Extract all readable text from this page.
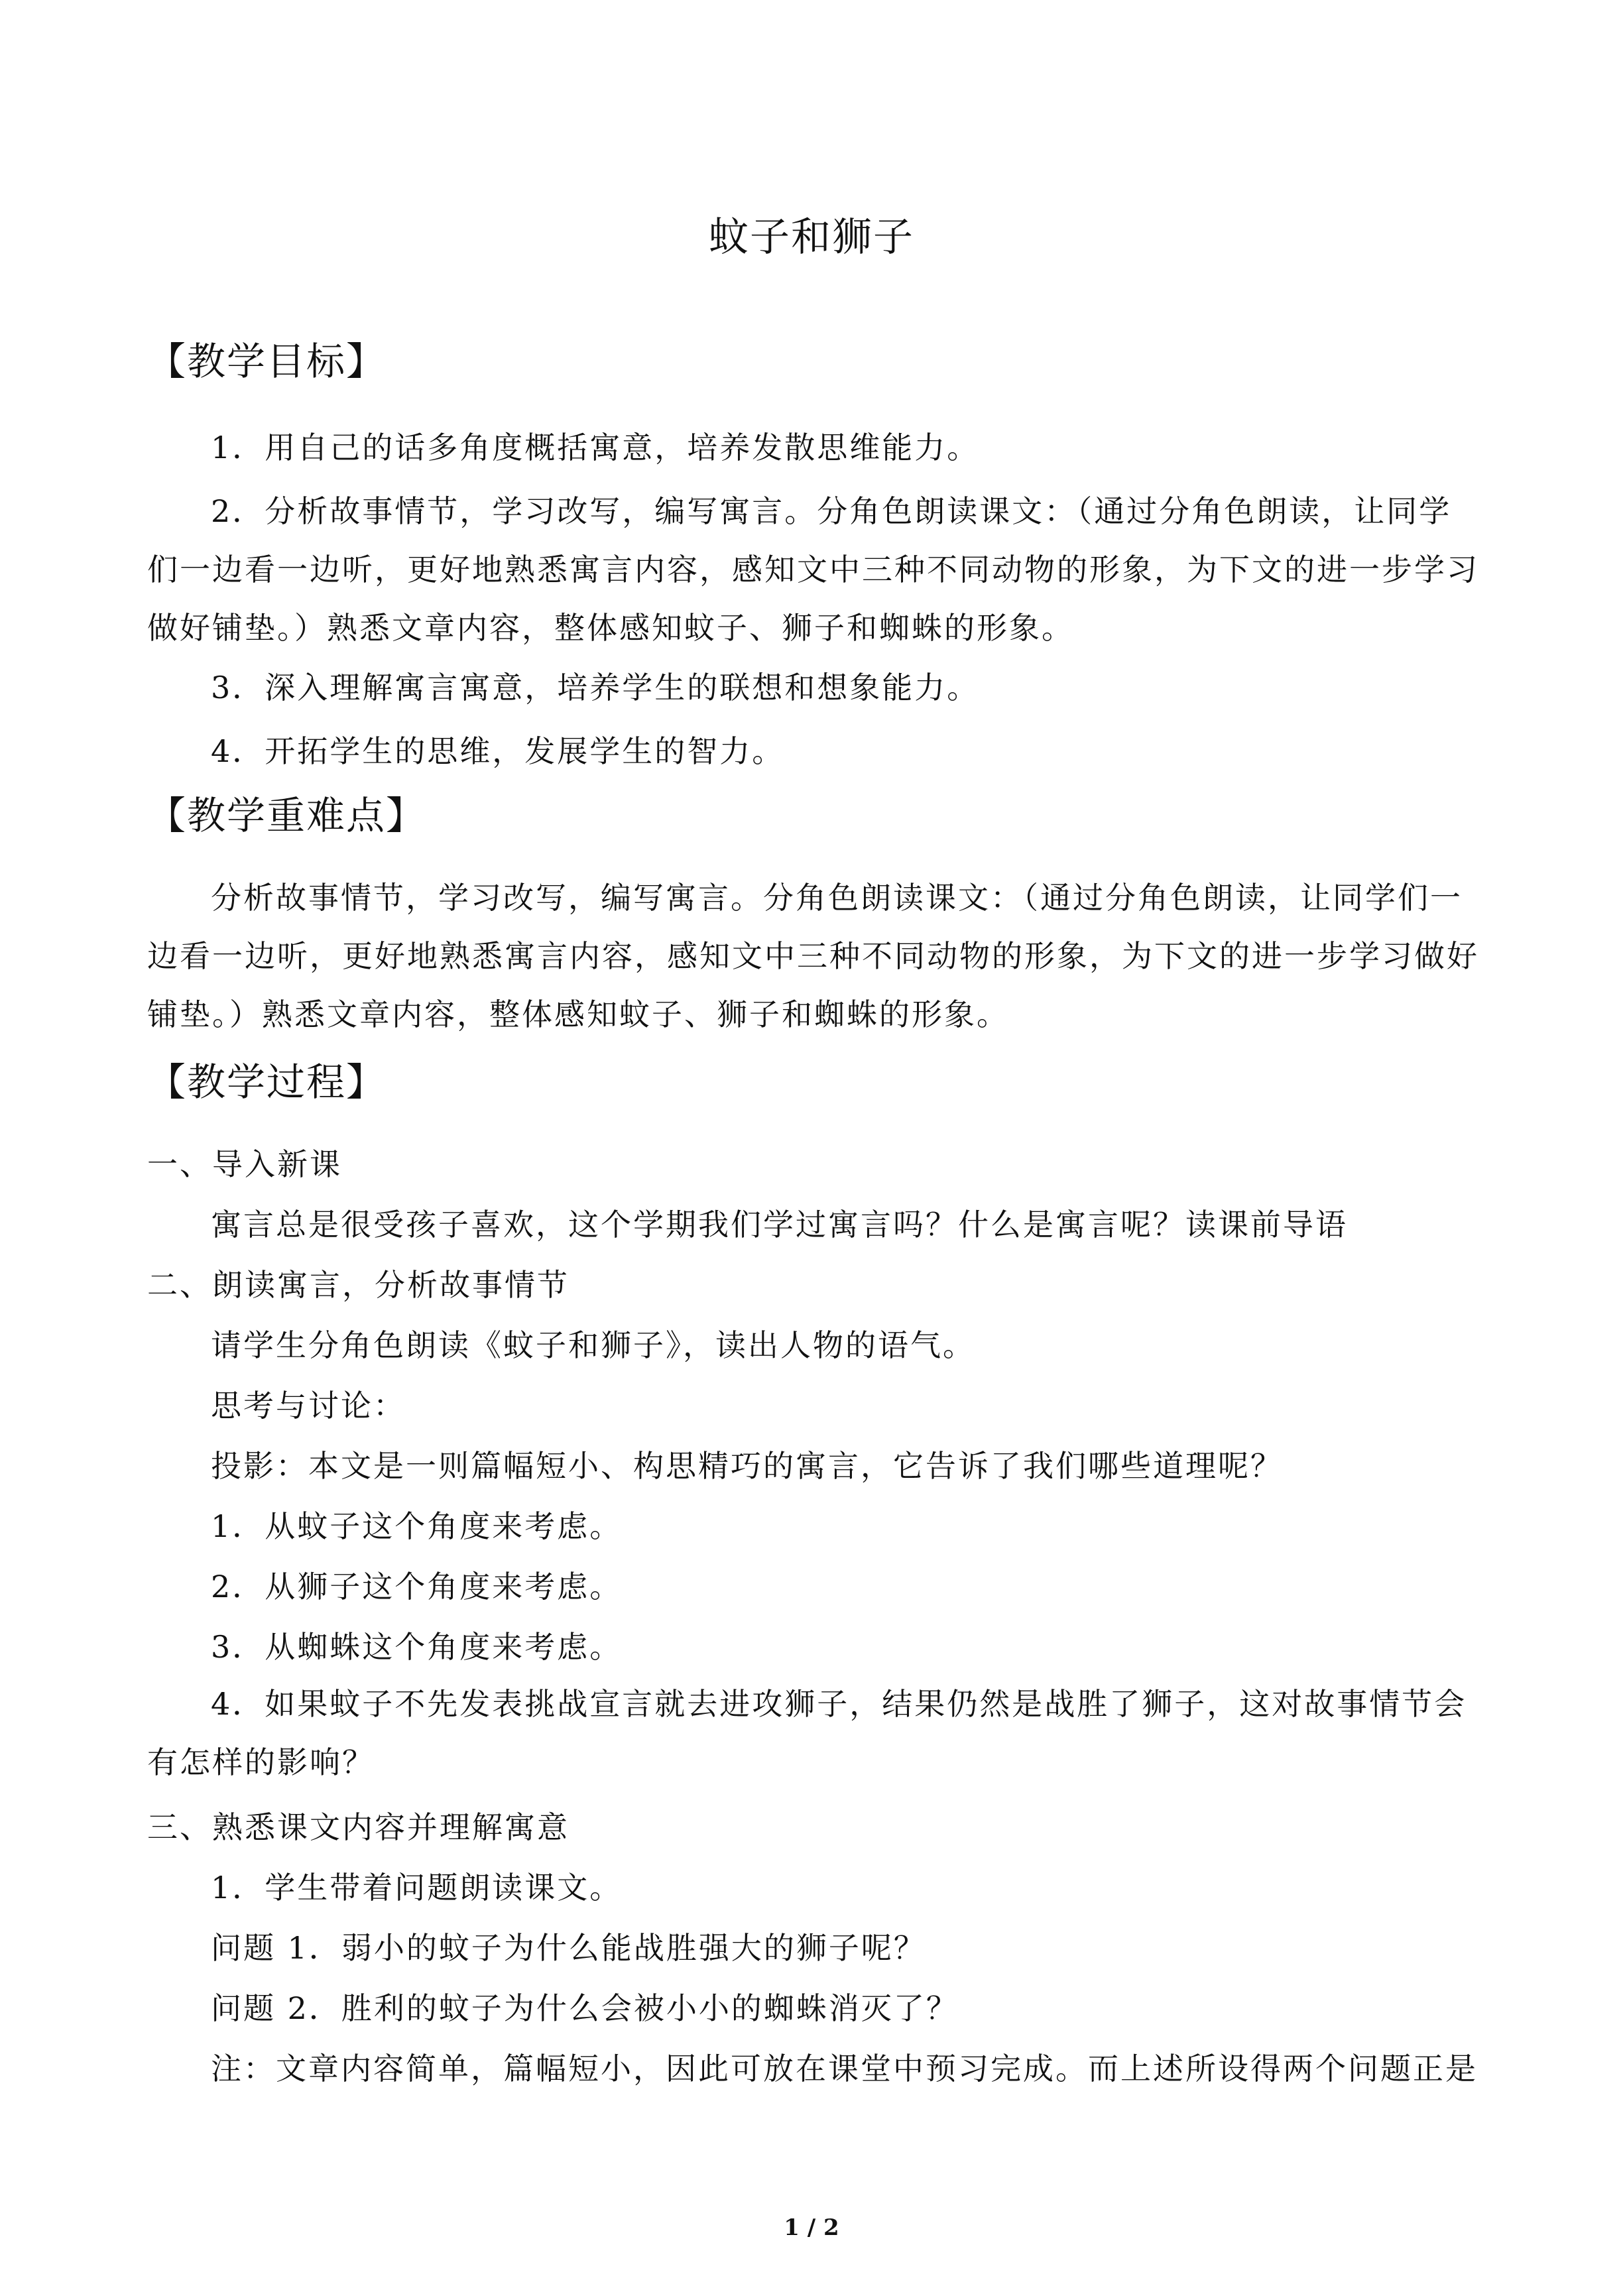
蚊子和狮子
【教学目标】
1．用自己的话多角度概括寓意，培养发散思维能力。

2．分析故事情节，学习改写，编写寓言。分角色朗读课文：（通过分角色朗读，让同学们一边看一边听，更好地熟悉寓言内容，感知文中三种不同动物的形象，为下文的进一步学习做好铺垫。）熟悉文章内容，整体感知蚊子、狮子和蜘蛛的形象。

3．深入理解寓言寓意，培养学生的联想和想象能力。
4．开拓学生的思维，发展学生的智力。
【教学重难点】

分析故事情节，学习改写，编写寓言。分角色朗读课文：（通过分角色朗读，让同学们一边看一边听，更好地熟悉寓言内容，感知文中三种不同动物的形象，为下文的进一步学习做好铺垫。）熟悉文章内容，整体感知蚊子、狮子和蜘蛛的形象。

【教学过程】
一、导入新课
寓言总是很受孩子喜欢，这个学期我们学过寓言吗？什么是寓言呢？读课前导语
二、朗读寓言，分析故事情节
请学生分角色朗读《蚊子和狮子》，读出人物的语气。
思考与讨论：
投影：本文是一则篇幅短小、构思精巧的寓言，它告诉了我们哪些道理呢？
1．从蚊子这个角度来考虑。
2．从狮子这个角度来考虑。
3．从蜘蛛这个角度来考虑。

4．如果蚊子不先发表挑战宣言就去进攻狮子，结果仍然是战胜了狮子，这对故事情节会有怎样的影响？

三、熟悉课文内容并理解寓意
1．学生带着问题朗读课文。
问题 1．弱小的蚊子为什么能战胜强大的狮子呢？
问题 2．胜利的蚊子为什么会被小小的蜘蛛消灭了？
注：文章内容简单，篇幅短小，因此可放在课堂中预习完成。而上述所设得两个问题正是
1 / 2
